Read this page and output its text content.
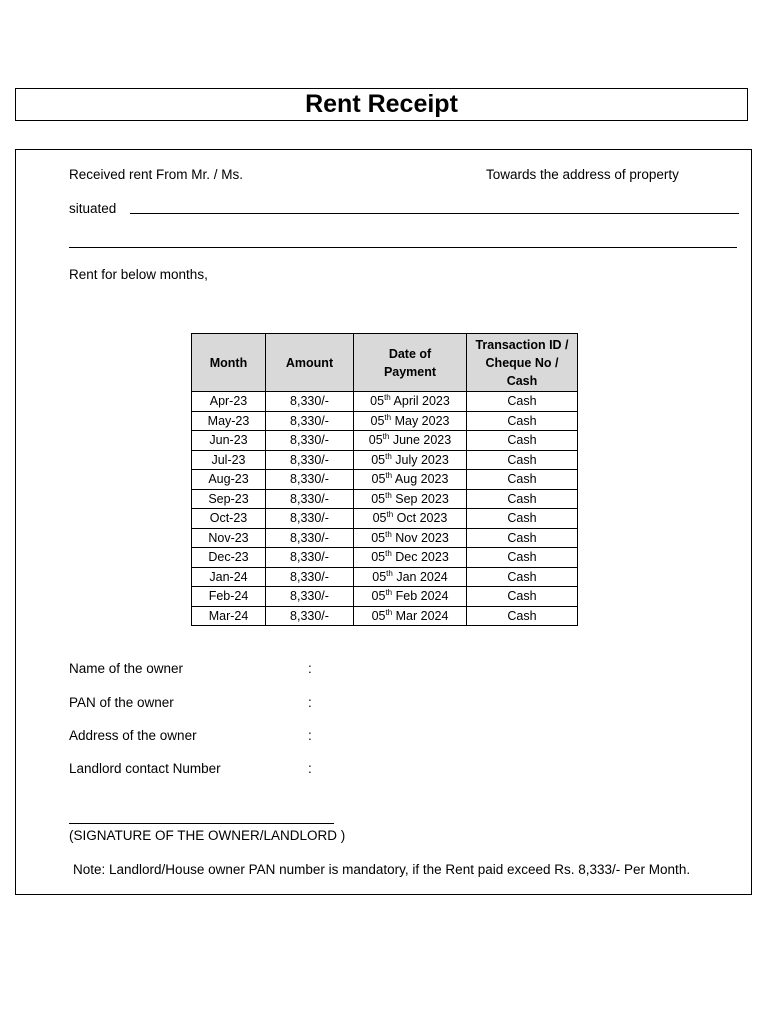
Rent Receipt
Received rent From Mr. / Ms.	Towards the address of property
situated
Rent for below months,
Month	Amount	Date of Payment	Transaction ID / Cheque No / Cash

Apr-23	8,330/-	05th April 2023	Cash
May-23	8,330/-	05th May 2023	Cash
Jun-23	8,330/-	05th June 2023	Cash
Jul-23	8,330/-	05th July 2023	Cash
Aug-23	8,330/-	05th Aug 2023	Cash
Sep-23	8,330/-	05th Sep 2023	Cash
Oct-23	8,330/-	05th Oct 2023	Cash
Nov-23	8,330/-	05th Nov 2023	Cash
Dec-23	8,330/-	05th Dec 2023	Cash
Jan-24	8,330/-	05th Jan 2024	Cash
Feb-24	8,330/-	05th Feb 2024	Cash
Mar-24	8,330/-	05th Mar 2024	Cash
Name of the owner	:
PAN of the owner	:
Address of the owner	:
Landlord contact Number	:
(SIGNATURE OF THE OWNER/LANDLORD )
Note: Landlord/House owner PAN number is mandatory, if the Rent paid exceed Rs. 8,333/- Per Month.
